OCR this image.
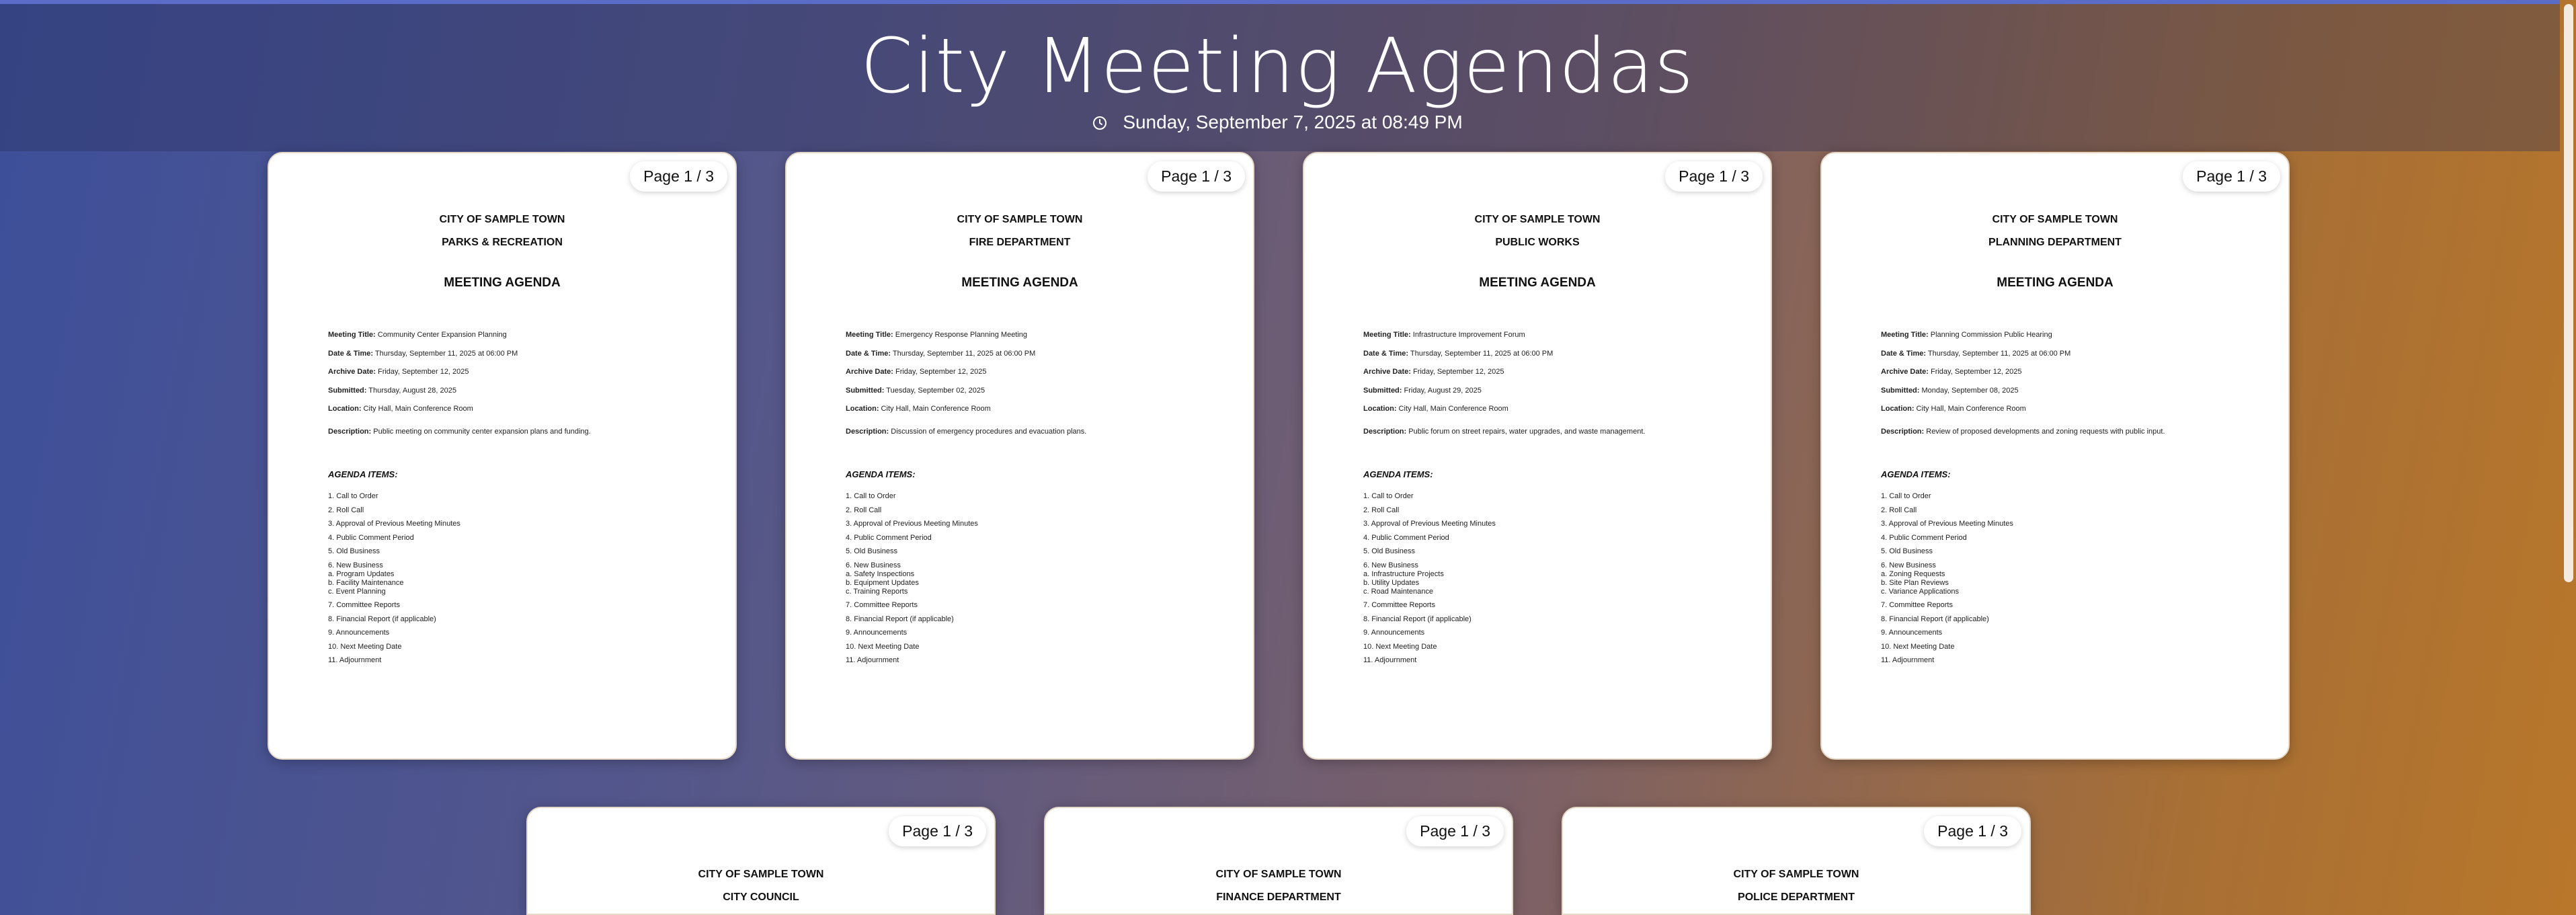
City Meeting Agendas
Sunday, September 7, 2025 at 08:49 PM
CITY OF SAMPLE TOWN
PARKS & RECREATION
MEETING AGENDA
Meeting Title: Community Center Expansion Planning
Date & Time: Thursday, September 11, 2025 at 06:00 PM
Archive Date: Friday, September 12, 2025
Submitted: Thursday, August 28, 2025
Location: City Hall, Main Conference Room
Description: Public meeting on community center expansion plans and funding.
AGENDA ITEMS:
1. Call to Order
2. Roll Call
3. Approval of Previous Meeting Minutes
4. Public Comment Period
5. Old Business
6. New Business
a. Program Updates
b. Facility Maintenance
c. Event Planning
7. Committee Reports
8. Financial Report (if applicable)
9. Announcements
10. Next Meeting Date
11. Adjournment
Page 1 / 3
CITY OF SAMPLE TOWN
FIRE DEPARTMENT
MEETING AGENDA
Meeting Title: Emergency Response Planning Meeting
Date & Time: Thursday, September 11, 2025 at 06:00 PM
Archive Date: Friday, September 12, 2025
Submitted: Tuesday, September 02, 2025
Location: City Hall, Main Conference Room
Description: Discussion of emergency procedures and evacuation plans.
AGENDA ITEMS:
1. Call to Order
2. Roll Call
3. Approval of Previous Meeting Minutes
4. Public Comment Period
5. Old Business
6. New Business
a. Safety Inspections
b. Equipment Updates
c. Training Reports
7. Committee Reports
8. Financial Report (if applicable)
9. Announcements
10. Next Meeting Date
11. Adjournment
Page 1 / 3
CITY OF SAMPLE TOWN
PUBLIC WORKS
MEETING AGENDA
Meeting Title: Infrastructure Improvement Forum
Date & Time: Thursday, September 11, 2025 at 06:00 PM
Archive Date: Friday, September 12, 2025
Submitted: Friday, August 29, 2025
Location: City Hall, Main Conference Room
Description: Public forum on street repairs, water upgrades, and waste management.
AGENDA ITEMS:
1. Call to Order
2. Roll Call
3. Approval of Previous Meeting Minutes
4. Public Comment Period
5. Old Business
6. New Business
a. Infrastructure Projects
b. Utility Updates
c. Road Maintenance
7. Committee Reports
8. Financial Report (if applicable)
9. Announcements
10. Next Meeting Date
11. Adjournment
Page 1 / 3
CITY OF SAMPLE TOWN
PLANNING DEPARTMENT
MEETING AGENDA
Meeting Title: Planning Commission Public Hearing
Date & Time: Thursday, September 11, 2025 at 06:00 PM
Archive Date: Friday, September 12, 2025
Submitted: Monday, September 08, 2025
Location: City Hall, Main Conference Room
Description: Review of proposed developments and zoning requests with public input.
AGENDA ITEMS:
1. Call to Order
2. Roll Call
3. Approval of Previous Meeting Minutes
4. Public Comment Period
5. Old Business
6. New Business
a. Zoning Requests
b. Site Plan Reviews
c. Variance Applications
7. Committee Reports
8. Financial Report (if applicable)
9. Announcements
10. Next Meeting Date
11. Adjournment
Page 1 / 3
CITY OF SAMPLE TOWN
CITY COUNCIL
Page 1 / 3
CITY OF SAMPLE TOWN
FINANCE DEPARTMENT
Page 1 / 3
CITY OF SAMPLE TOWN
POLICE DEPARTMENT
Page 1 / 3
